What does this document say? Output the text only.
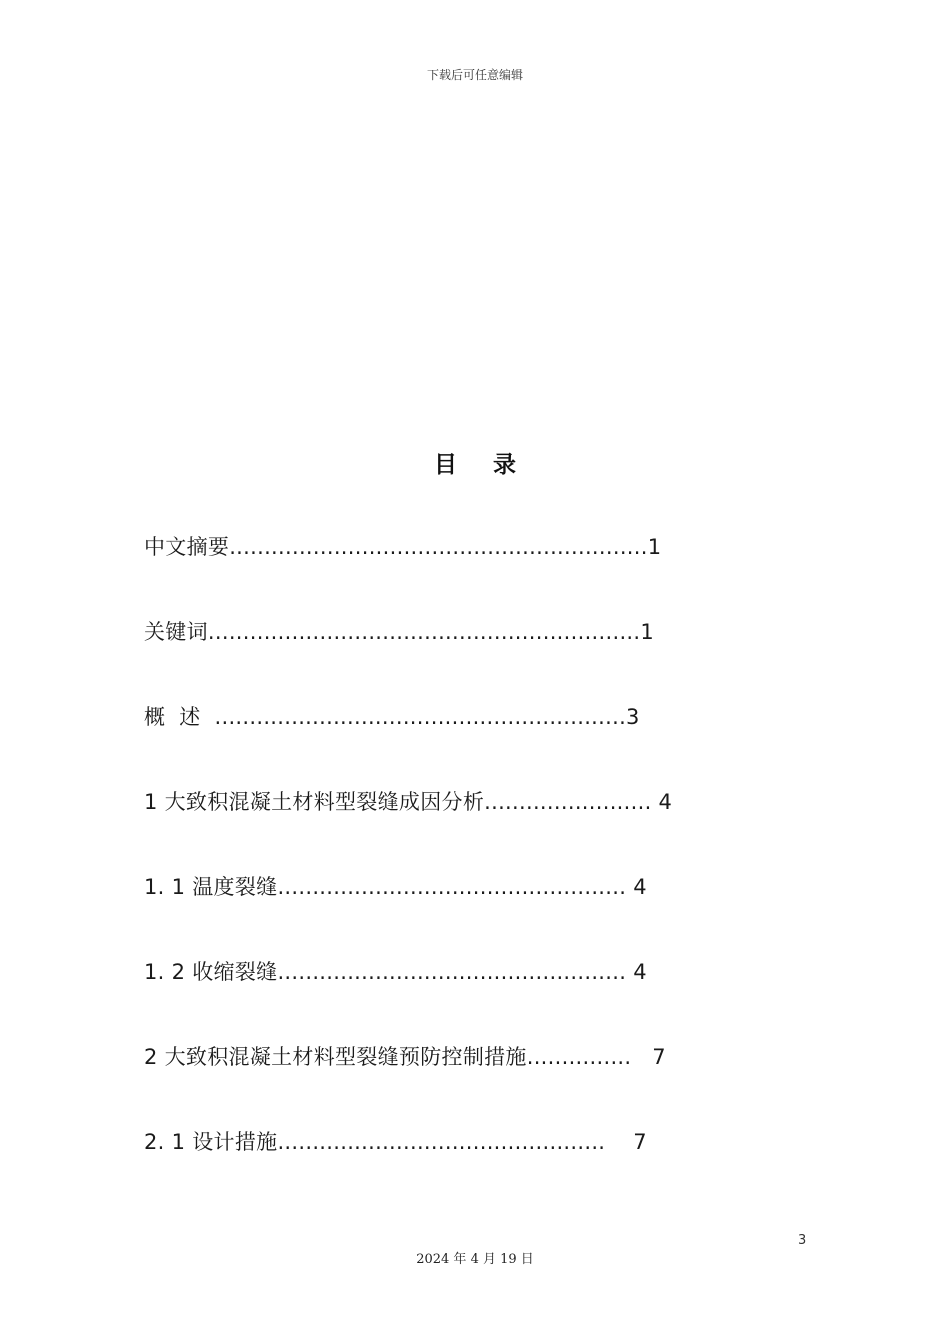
下载后可任意编辑
目 录
中文摘要............................................................1
关键词..............................................................1
概  述  ...........................................................3
1 大致积混凝土材料型裂缝成因分析........................ 4
1. 1 温度裂缝.................................................. 4
1. 2 收缩裂缝.................................................. 4
2 大致积混凝土材料型裂缝预防控制措施...............   7
2. 1 设计措施...............................................    7
3
2024 年 4 月 19 日
